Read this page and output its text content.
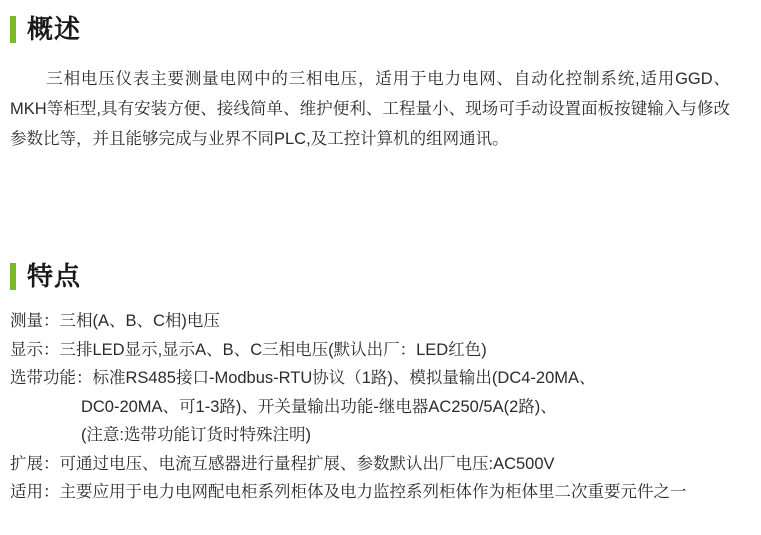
概述

三相电压仪表主要测量电网中的三相电压，适用于电力电网、自动化控制系统,适用GGD、MKH等柜型,具有安装方便、接线简单、维护便利、工程量小、现场可手动设置面板按键输入与修改参数比等，并且能够完成与业界不同PLC,及工控计算机的组网通讯。

特点
测量：三相(A、B、C相)电压
显示：三排LED显示,显示A、B、C三相电压(默认出厂：LED红色)
选带功能：标准RS485接口-Modbus-RTU协议（1路)、模拟量输出(DC4-20MA、
DC0-20MA、可1-3路)、开关量输出功能-继电器AC250/5A(2路)、
(注意:选带功能订货时特殊注明)
扩展：可通过电压、电流互感器进行量程扩展、参数默认出厂电压:AC500V
适用：主要应用于电力电网配电柜系列柜体及电力监控系列柜体作为柜体里二次重要元件之一
